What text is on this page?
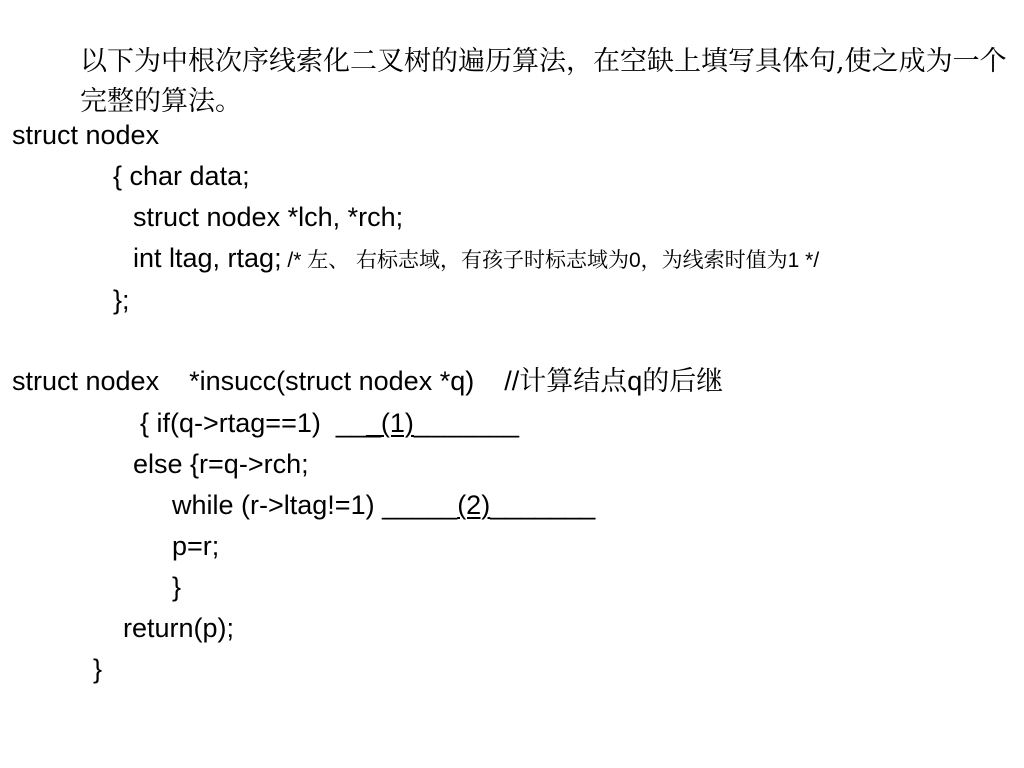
以下为中根次序线索化二叉树的遍历算法，在空缺上填写具体句,使之成为一个完整的算法。
struct nodex
{ char data;
struct nodex *lch, *rch;
int ltag, rtag; /* 左、 右标志域，有孩子时标志域为0，为线索时值为1 */
};
struct nodex    *insucc(struct nodex *q)    //计算结点q的后继
{ if(q->rtag==1)  ___(1)_______
else {r=q->rch;
while (r->ltag!=1) _____(2)_______
p=r;
}
return(p);
}
